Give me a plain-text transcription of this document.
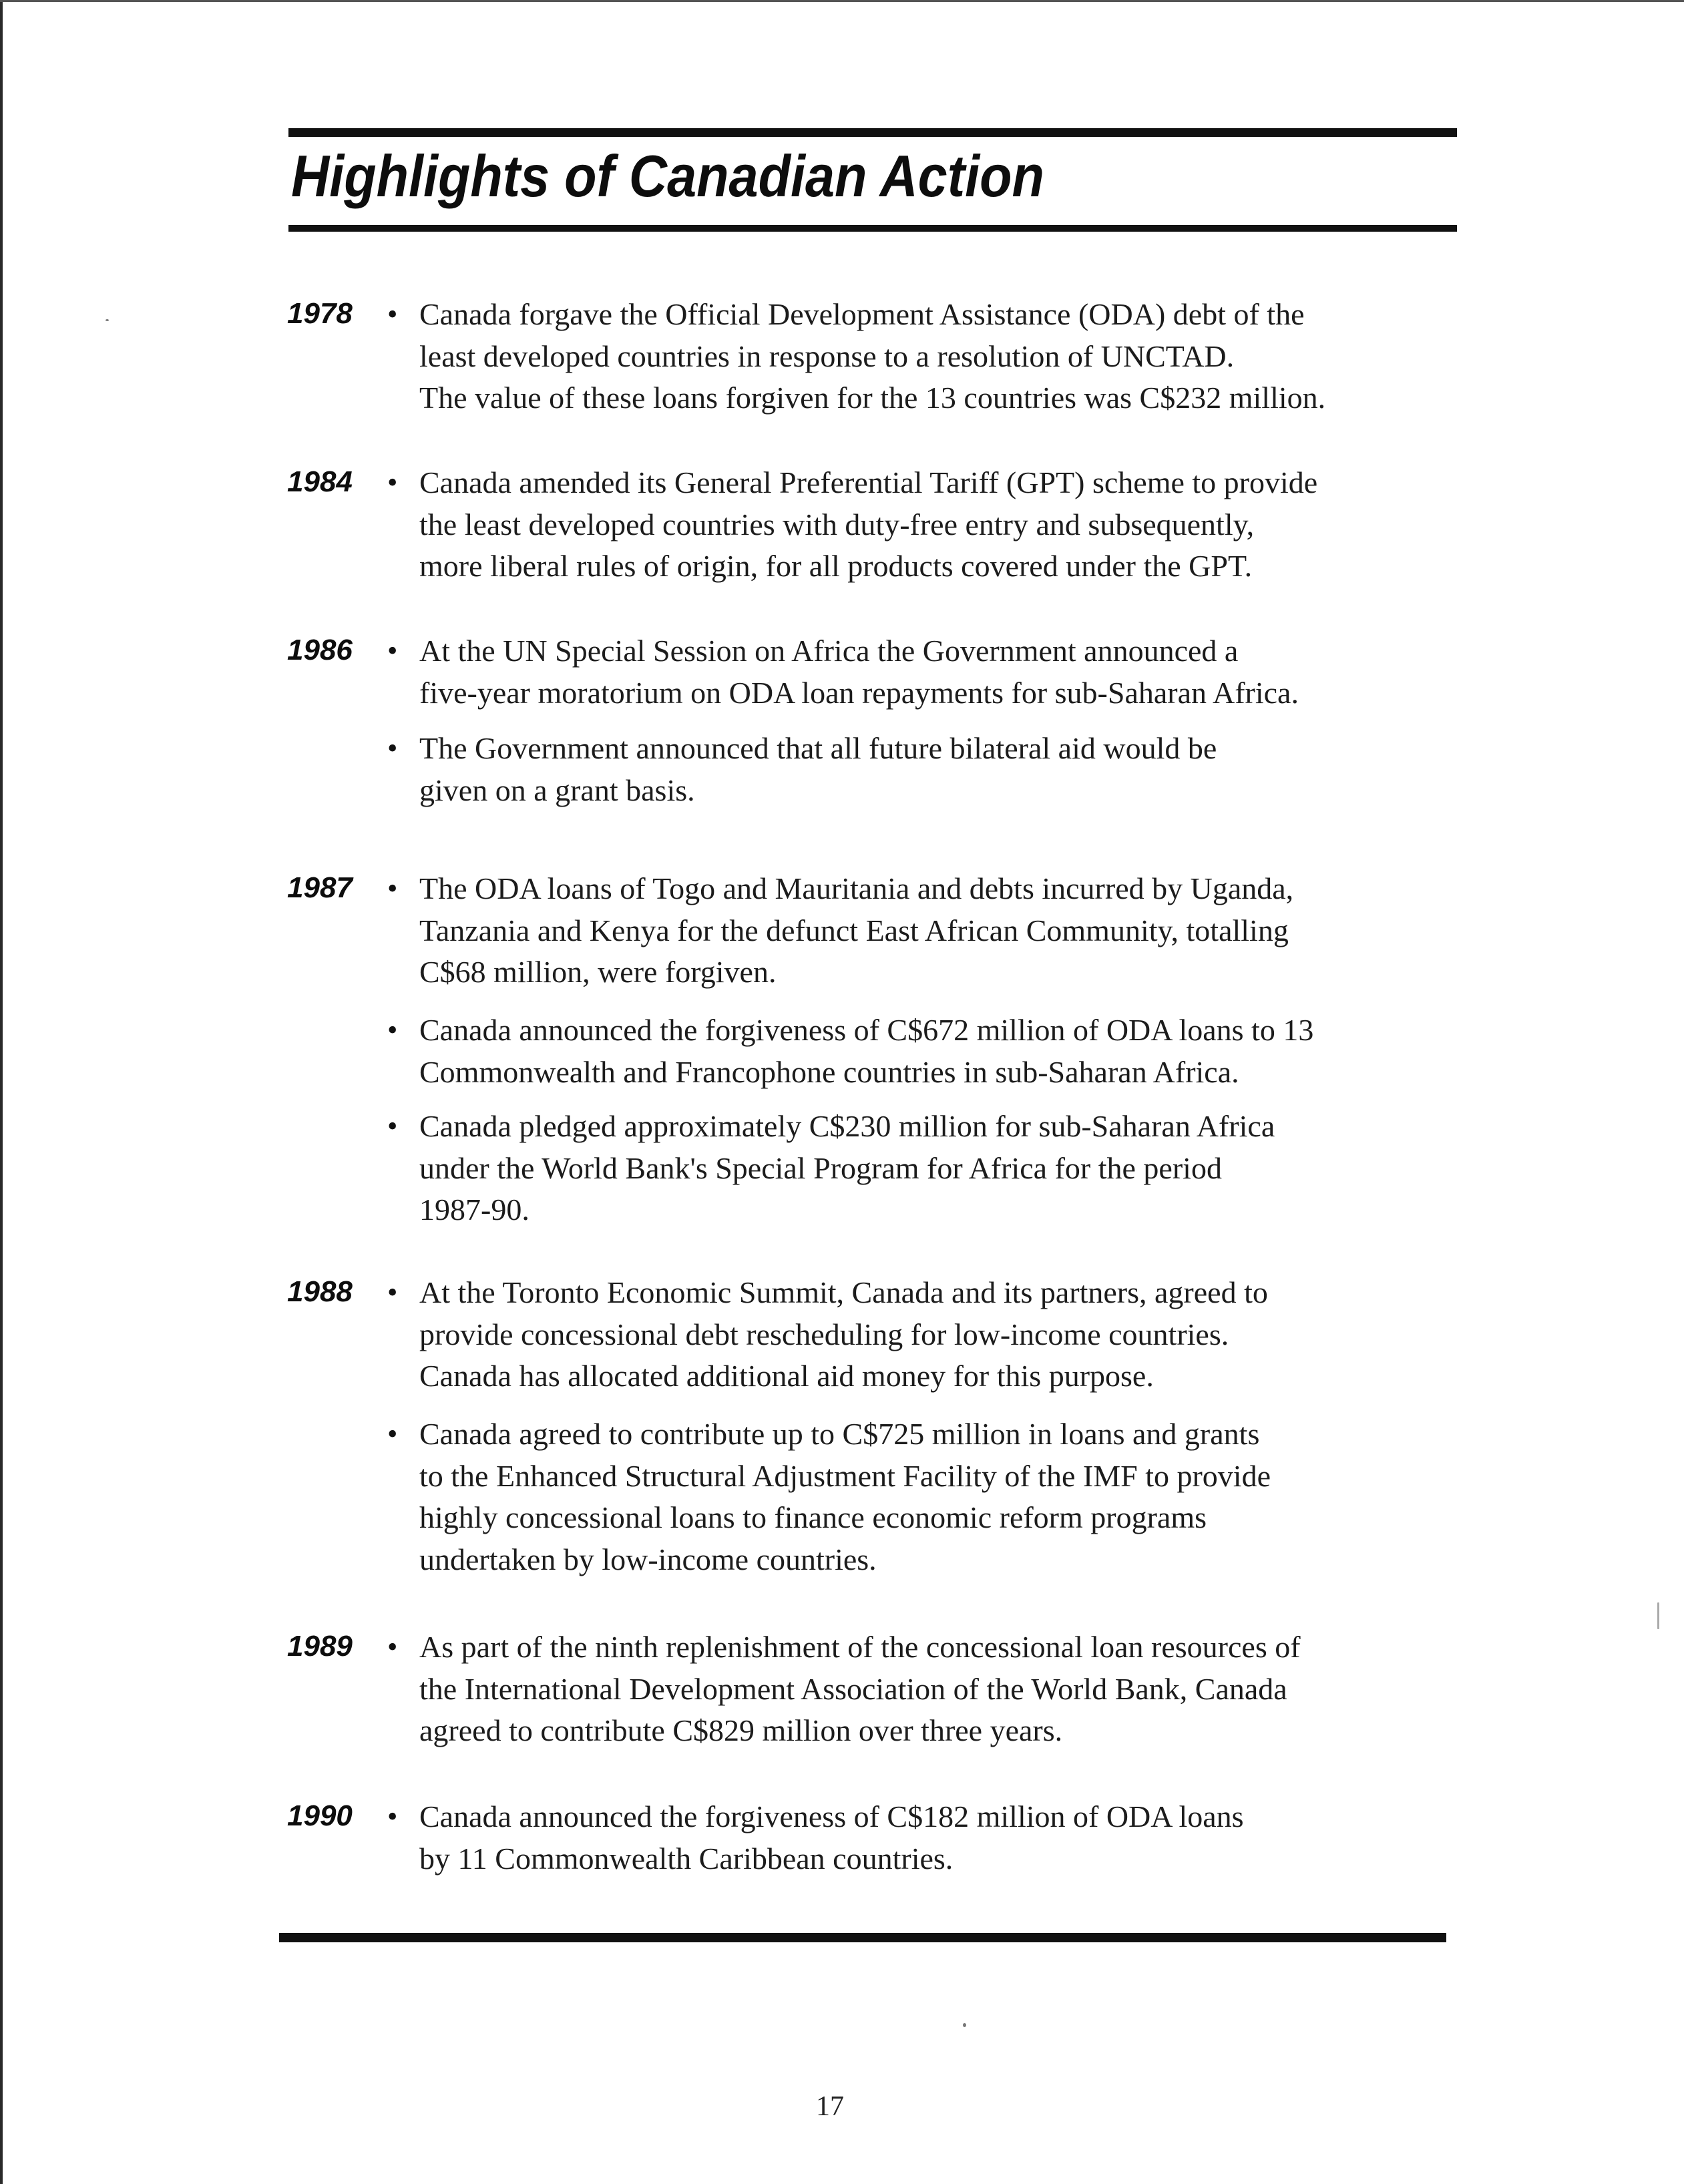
Highlights of Canadian Action
1978 • Canada forgave the Official Development Assistance (ODA) debt of the
least developed countries in response to a resolution of UNCTAD.
The value of these loans forgiven for the 13 countries was C$232 million.
1984 • Canada amended its General Preferential Tariff (GPT) scheme to provide
the least developed countries with duty-free entry and subsequently,
more liberal rules of origin, for all products covered under the GPT.
1986 • At the UN Special Session on Africa the Government announced a
five-year moratorium on ODA loan repayments for sub-Saharan Africa.
• The Government announced that all future bilateral aid would be
given on a grant basis.
1987 • The ODA loans of Togo and Mauritania and debts incurred by Uganda,
Tanzania and Kenya for the defunct East African Community, totalling
C$68 million, were forgiven.
• Canada announced the forgiveness of C$672 million of ODA loans to 13
Commonwealth and Francophone countries in sub-Saharan Africa.
• Canada pledged approximately C$230 million for sub-Saharan Africa
under the World Bank's Special Program for Africa for the period
1987-90.
1988 • At the Toronto Economic Summit, Canada and its partners, agreed to
provide concessional debt rescheduling for low-income countries.
Canada has allocated additional aid money for this purpose.
• Canada agreed to contribute up to C$725 million in loans and grants
to the Enhanced Structural Adjustment Facility of the IMF to provide
highly concessional loans to finance economic reform programs
undertaken by low-income countries.
1989 • As part of the ninth replenishment of the concessional loan resources of
the International Development Association of the World Bank, Canada
agreed to contribute C$829 million over three years.
1990 • Canada announced the forgiveness of C$182 million of ODA loans
by 11 Commonwealth Caribbean countries.
17
